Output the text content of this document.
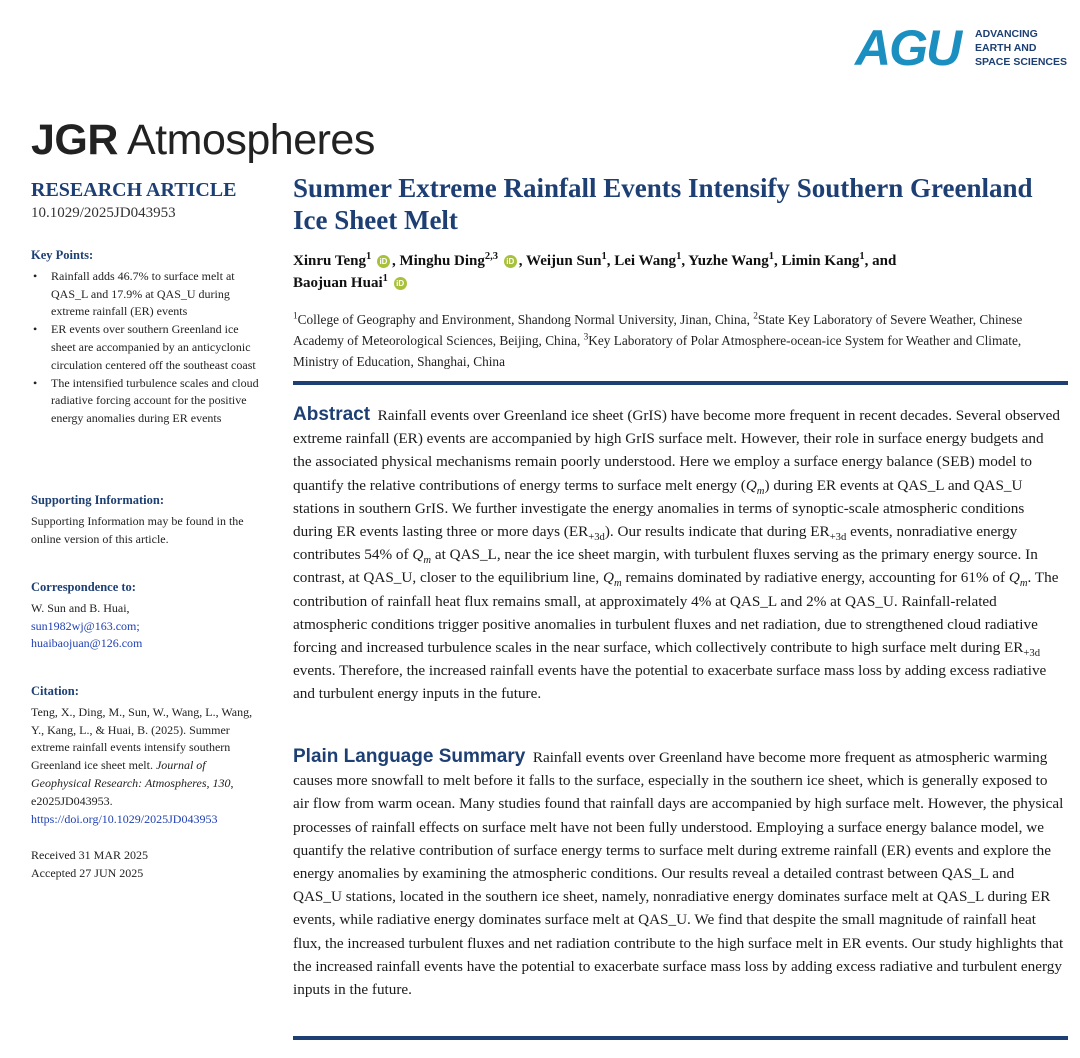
AGU	ADVANCING
EARTH AND
SPACE SCIENCES
JGR Atmospheres
RESEARCH ARTICLE
10.1029/2025JD043953
Key Points:
• Rainfall adds 46.7% to surface melt at QAS_L and 17.9% at QAS_U during extreme rainfall (ER) events
• ER events over southern Greenland ice sheet are accompanied by an anticyclonic circulation centered off the southeast coast
• The intensified turbulence scales and cloud radiative forcing account for the positive energy anomalies during ER events
Supporting Information:
Supporting Information may be found in the online version of this article.
Correspondence to:
W. Sun and B. Huai,
sun1982wj@163.com;
huaibaojuan@126.com
Citation:
Teng, X., Ding, M., Sun, W., Wang, L., Wang, Y., Kang, L., & Huai, B. (2025). Summer extreme rainfall events intensify southern Greenland ice sheet melt. Journal of Geophysical Research: Atmospheres, 130, e2025JD043953. https://doi.org/10.1029/2025JD043953
Received 31 MAR 2025
Accepted 27 JUN 2025
Summer Extreme Rainfall Events Intensify Southern Greenland Ice Sheet Melt
Xinru Teng$^1$ iD , Minghu Ding$^{2,3}$ iD , Weijun Sun$^1$, Lei Wang$^1$, Yuzhe Wang$^1$, Limin Kang$^1$, and
Baojuan Huai$^1$ iD
$^1$College of Geography and Environment, Shandong Normal University, Jinan, China, $^2$State Key Laboratory of Severe Weather, Chinese Academy of Meteorological Sciences, Beijing, China, $^3$Key Laboratory of Polar Atmosphere-ocean-ice System for Weather and Climate, Ministry of Education, Shanghai, China
Abstract Rainfall events over Greenland ice sheet (GrIS) have become more frequent in recent decades. Several observed extreme rainfall (ER) events are accompanied by high GrIS surface melt. However, their role in surface energy budgets and the associated physical mechanisms remain poorly understood. Here we employ a surface energy balance (SEB) model to quantify the relative contributions of energy terms to surface melt energy $(Q_m)$ during ER events at QAS_L and QAS_U stations in southern GrIS. We further investigate the energy anomalies in terms of synoptic-scale atmospheric conditions during ER events lasting three or more days $(ER_{+3d})$. Our results indicate that during $ER_{+3d}$ events, nonradiative energy contributes 54% of $Q_m$ at QAS_L, near the ice sheet margin, with turbulent fluxes serving as the primary energy source. In contrast, at QAS_U, closer to the equilibrium line, $Q_m$ remains dominated by radiative energy, accounting for 61% of $Q_m$. The contribution of rainfall heat flux remains small, at approximately 4% at QAS_L and 2% at QAS_U. Rainfall-related atmospheric conditions trigger positive anomalies in turbulent fluxes and net radiation, due to strengthened cloud radiative forcing and increased turbulence scales in the near surface, which collectively contribute to high surface melt during $ER_{+3d}$ events. Therefore, the increased rainfall events have the potential to exacerbate surface mass loss by adding excess radiative and turbulent energy inputs in the future.
Plain Language Summary Rainfall events over Greenland have become more frequent as atmospheric warming causes more snowfall to melt before it falls to the surface, especially in the southern ice sheet, which is generally exposed to air flow from warm ocean. Many studies found that rainfall days are accompanied by high surface melt. However, the physical processes of rainfall effects on surface melt have not been fully understood. Employing a surface energy balance model, we quantify the relative contribution of surface energy terms to surface melt during extreme rainfall (ER) events and explore the energy anomalies by examining the atmospheric conditions. Our results reveal a detailed contrast between QAS_L and QAS_U stations, located in the southern ice sheet, namely, nonradiative energy dominates surface melt at QAS_L during ER events, while radiative energy dominates surface melt at QAS_U. We find that despite the small magnitude of rainfall heat flux, the increased turbulent fluxes and net radiation contribute to the high surface melt in ER events. Our study highlights that the increased rainfall events have the potential to exacerbate surface mass loss by adding excess radiative and turbulent energy inputs in the future.
